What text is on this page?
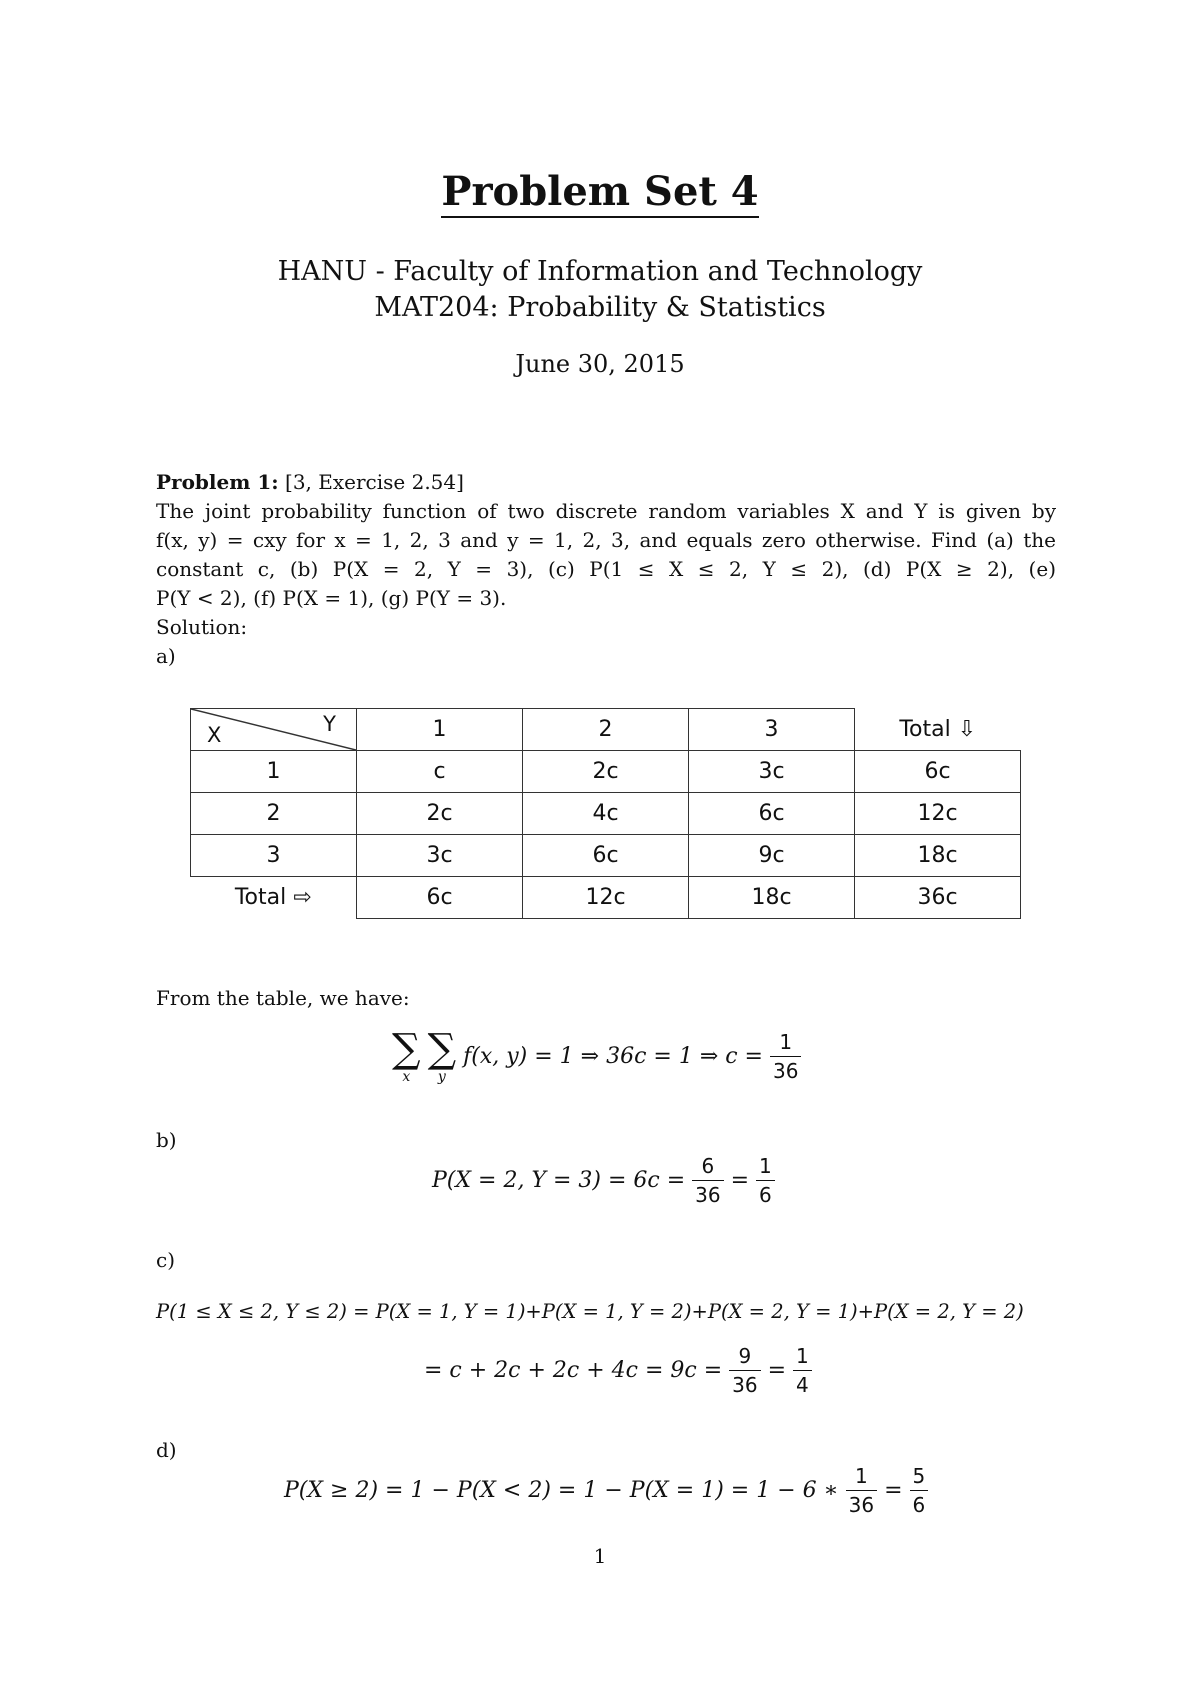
Problem Set 4
HANU - Faculty of Information and Technology
MAT204: Probability & Statistics
June 30, 2015
Problem 1: [3, Exercise 2.54]
The joint probability function of two discrete random variables X and Y is given by
f(x, y) = cxy for x = 1, 2, 3 and y = 1, 2, 3, and equals zero otherwise. Find (a) the
constant c, (b) P(X = 2, Y = 3), (c) P(1 ≤ X ≤ 2, Y ≤ 2), (d) P(X ≥ 2), (e)
P(Y < 2), (f) P(X = 1), (g) P(Y = 3).
Solution:
a)
X Y	1	2	3	Total ⇩
1	c	2c	3c	6c
2	2c	4c	6c	12c
3	3c	6c	9c	18c
Total ⇨	6c	12c	18c	36c
From the table, we have:
∑
x

∑
y
f(x, y) = 1 ⇒ 36c = 1 ⇒ $c = \frac{1}{36}$
b)
P(X = 2, $Y = 3) = 6c = \frac{6}{36} = \frac{1}{6}$
c)
P(1 ≤ X ≤ 2, Y ≤ 2) = P(X = 1, Y = 1)+P(X = 1, Y = 2)+P(X = 2, Y = 1)+P(X = 2, Y = 2)
= $c + 2c + 2c + 4c = 9c = \frac{9}{36} = \frac{1}{4}$
d)
P(X ≥ 2) = 1 − P(X < 2) = 1 − P(X = 1) = 1 − 6 ∗ $\frac{1}{36} = \frac{5}{6}$
1
